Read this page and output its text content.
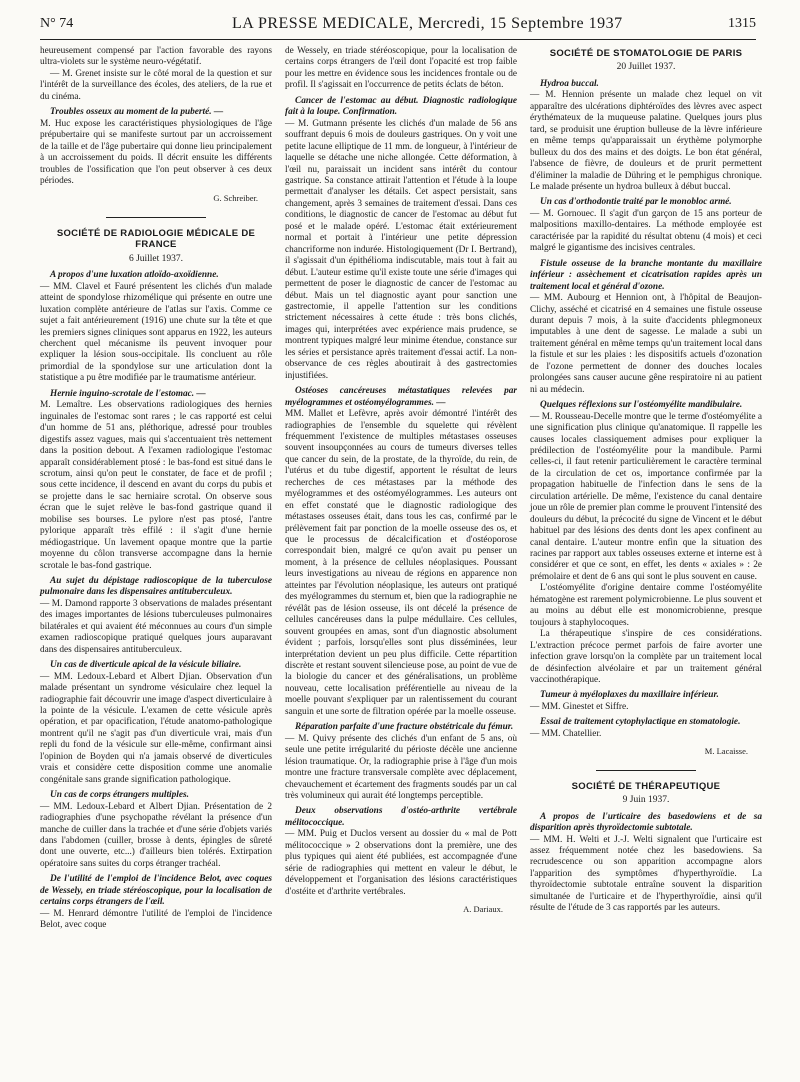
N° 74	LA PRESSE MEDICALE, Mercredi, 15 Septembre 1937	1315

heureusement compensé par l'action favorable des rayons ultra-violets sur le système neuro-végétatif.

— M. Grenet insiste sur le côté moral de la question et sur l'intérêt de la surveillance des écoles, des ateliers, de la rue et du cinéma.

Troubles osseux au moment de la puberté. —

M. Huc expose les caractéristiques physiologiques de l'âge prépubertaire qui se manifeste surtout par un accroissement de la taille et de l'âge pubertaire qui donne lieu principalement à un accroissement du poids. Il décrit ensuite les différents troubles de l'ossification que l'on peut observer à ces deux périodes.

G. Schreiber.
SOCIÉTÉ DE RADIOLOGIE MÉDICALE DE FRANCE
6 Juillet 1937.

A propos d'une luxation atloïdo-axoïdienne.

— MM. Clavel et Fauré présentent les clichés d'un malade atteint de spondylose rhizomélique qui présente en outre une luxation complète antérieure de l'atlas sur l'axis. Comme ce sujet a fait antérieurement (1916) une chute sur la tête et que les premiers signes cliniques sont apparus en 1922, les auteurs cherchent quel mécanisme ils peuvent invoquer pour expliquer la lésion sous-occipitale. Ils concluent au rôle primordial de la spondylose sur une articulation dont la statistique a pu être modifiée par le traumatisme antérieur.

Hernie inguino-scrotale de l'estomac. —

M. Lemaître. Les observations radiologiques des hernies inguinales de l'estomac sont rares ; le cas rapporté est celui d'un homme de 51 ans, pléthorique, adressé pour troubles digestifs assez vagues, mais qui s'accentuaient très nettement dans la position debout. A l'examen radiologique l'estomac apparaît considérablement ptosé : le bas-fond est situé dans le scrotum, ainsi qu'on peut le constater, de face et de profil ; sous cette incidence, il descend en avant du corps du pubis et se projette dans le sac herniaire scrotal. On observe sous écran que le sujet relève le bas-fond gastrique quand il mobilise ses bourses. Le pylore n'est pas ptosé, l'antre pylorique apparaît très effilé : il s'agit d'une hernie médiogastrique. Un lavement opaque montre que la partie moyenne du côlon transverse accompagne dans la hernie scrotale le bas-fond gastrique.

Au sujet du dépistage radioscopique de la tuberculose pulmonaire dans les dispensaires antituberculeux.

— M. Damond rapporte 3 observations de malades présentant des images importantes de lésions tuberculeuses pulmonaires bilatérales et qui avaient été méconnues au cours d'un simple examen radioscopique pratiqué quelques jours auparavant dans des dispensaires antituberculeux.

Un cas de diverticule apical de la vésicule biliaire.

— MM. Ledoux-Lebard et Albert Djian. Observation d'un malade présentant un syndrome vésiculaire chez lequel la radiographie fait découvrir une image d'aspect diverticulaire à la pointe de la vésicule. L'examen de cette vésicule après opération, et par opacification, l'étude anatomo-pathologique montrent qu'il ne s'agit pas d'un diverticule vrai, mais d'un repli du fond de la vésicule sur elle-même, confirmant ainsi l'opinion de Boyden qui n'a jamais observé de diverticules vrais et considère cette disposition comme une anomalie congénitale sans grande signification pathologique.

Un cas de corps étrangers multiples.

— MM. Ledoux-Lebard et Albert Djian. Présentation de 2 radiographies d'une psychopathe révélant la présence d'un manche de cuiller dans la trachée et d'une série d'objets variés dans l'abdomen (cuiller, brosse à dents, épingles de sûreté dont une ouverte, etc...) d'ailleurs bien tolérés. Extirpation opératoire sans suites du corps étranger trachéal.

De l'utilité de l'emploi de l'incidence Belot, avec coques de Wessely, en triade stéréoscopique, pour la localisation de certains corps étrangers de l'œil.

— M. Henrard démontre l'utilité de l'emploi de l'incidence Belot, avec coque

de Wessely, en triade stéréoscopique, pour la localisation de certains corps étrangers de l'œil dont l'opacité est trop faible pour les mettre en évidence sous les incidences frontale ou de profil. Il s'agissait en l'occurrence de petits éclats de béton.

Cancer de l'estomac au début. Diagnostic radiologique fait à la loupe. Confirmation.

— M. Gutmann présente les clichés d'un malade de 56 ans souffrant depuis 6 mois de douleurs gastriques. On y voit une petite lacune elliptique de 11 mm. de longueur, à l'intérieur de laquelle se détache une niche allongée. Cette déformation, à l'œil nu, paraissait un incident sans intérêt du contour gastrique. Sa constance attirait l'attention et l'étude à la loupe permettait d'analyser les détails. Cet aspect persistait, sans changement, après 3 semaines de traitement d'essai. Dans ces conditions, le diagnostic de cancer de l'estomac au début fut posé et le malade opéré. L'estomac était extérieurement normal et portait à l'intérieur une petite dépression chancriforme non indurée. Histologiquement (Dr I. Bertrand), il s'agissait d'un épithélioma indiscutable, mais tout à fait au début. L'auteur estime qu'il existe toute une série d'images qui permettent de poser le diagnostic de cancer de l'estomac au début. Mais un tel diagnostic ayant pour sanction une gastrectomie, il appelle l'attention sur les conditions strictement nécessaires à cette étude : très bons clichés, images qui, interprétées avec expérience mais prudence, se montrent typiques malgré leur minime étendue, constance sur les séries et persistance après traitement d'essai actif. La non-observance de ces règles aboutirait à des gastrectomies injustifiées.

Ostéoses cancéreuses métastatiques relevées par myélogrammes et ostéomyélogrammes. —

MM. Mallet et Lefèvre, après avoir démontré l'intérêt des radiographies de l'ensemble du squelette qui révèlent fréquemment l'existence de multiples métastases osseuses souvent insoupçonnées au cours de tumeurs diverses telles que cancer du sein, de la prostate, de la thyroïde, du rein, de l'utérus et du tube digestif, apportent le résultat de leurs recherches de ces métastases par la méthode des myélogrammes et des ostéomyélogrammes. Les auteurs ont en effet constaté que le diagnostic radiologique des métastases osseuses était, dans tous les cas, confirmé par le prélèvement fait par ponction de la moelle osseuse des os, et que le processus de décalcification et d'ostéoporose correspondait bien, malgré ce qu'on avait pu penser un moment, à la présence de cellules néoplasiques. Poussant leurs investigations au niveau de régions en apparence non atteintes par l'évolution néoplasique, les auteurs ont pratiqué des myélogrammes du sternum et, bien que la radiographie ne révélât pas de lésion osseuse, ils ont décelé la présence de cellules cancéreuses dans la pulpe médullaire. Ces cellules, souvent groupées en amas, sont d'un diagnostic absolument évident ; parfois, lorsqu'elles sont plus disséminées, leur interprétation devient un peu plus difficile. Cette répartition discrète et restant souvent silencieuse pose, au point de vue de la biologie du cancer et des généralisations, un problème nouveau, cette localisation préférentielle au niveau de la moelle pouvant s'expliquer par un ralentissement du courant sanguin et une sorte de filtration opérée par la moelle osseuse.

Réparation parfaite d'une fracture obstétricale du fémur.

— M. Quivy présente des clichés d'un enfant de 5 ans, où seule une petite irrégularité du périoste décèle une ancienne lésion traumatique. Or, la radiographie prise à l'âge d'un mois montre une fracture transversale complète avec déplacement, chevauchement et écartement des fragments soudés par un cal très volumineux qui aurait été longtemps perceptible.

Deux observations d'ostéo-arthrite vertébrale mélitococcique.

— MM. Puig et Duclos versent au dossier du « mal de Pott mélitococcique » 2 observations dont la première, une des plus typiques qui aient été publiées, est accompagnée d'une série de radiographies qui mettent en valeur le début, le développement et l'organisation des lésions caractéristiques d'ostéite et d'arthrite vertébrales.

A. Dariaux.
SOCIÉTÉ DE STOMATOLOGIE DE PARIS
20 Juillet 1937.

Hydroa buccal.

— M. Hennion présente un malade chez lequel on vit apparaître des ulcérations diphtéroïdes des lèvres avec aspect érythémateux de la muqueuse palatine. Quelques jours plus tard, se produisit une éruption bulleuse de la lèvre inférieure en même temps qu'apparaissait un érythème polymorphe bulleux du dos des mains et des doigts. Le bon état général, l'absence de fièvre, de douleurs et de prurit permettent d'éliminer la maladie de Dühring et le pemphigus chronique. Le malade présente un hydroa bulleux à début buccal.

Un cas d'orthodontie traité par le monobloc armé.

— M. Gornouec. Il s'agit d'un garçon de 15 ans porteur de malpositions maxillo-dentaires. La méthode employée est caractérisée par la rapidité du résultat obtenu (4 mois) et ceci malgré le gigantisme des incisives centrales.

Fistule osseuse de la branche montante du maxillaire inférieur : assèchement et cicatrisation rapides après un traitement local et général d'ozone.

— MM. Aubourg et Hennion ont, à l'hôpital de Beaujon-Clichy, asséché et cicatrisé en 4 semaines une fistule osseuse durant depuis 7 mois, à la suite d'accidents phlegmoneux imputables à une dent de sagesse. Le malade a subi un traitement général en même temps qu'un traitement local dans la fistule et sur les plaies : les dispositifs actuels d'ozonation de l'ozone permettent de donner des douches locales prolongées sans causer aucune gêne respiratoire ni au patient ni au médecin.

Quelques réflexions sur l'ostéomyélite mandibulaire.

— M. Rousseau-Decelle montre que le terme d'ostéomyélite a une signification plus clinique qu'anatomique. Il rappelle les causes locales classiquement admises pour expliquer la prédilection de l'ostéomyélite pour la mandibule. Parmi celles-ci, il faut retenir particulièrement le caractère terminal de la circulation de cet os, importance confirmée par la propagation habituelle de l'infection dans le sens de la circulation artérielle. De même, l'existence du canal dentaire joue un rôle de premier plan comme le prouvent l'intensité des douleurs du début, la précocité du signe de Vincent et le début habituel par des lésions des dents dont les apex confinent au canal dentaire. L'auteur montre enfin que la situation des racines par rapport aux tables osseuses externe et interne est à considérer et que ce sont, en effet, les dents « axiales » : 2e prémolaire et dent de 6 ans qui sont le plus souvent en cause.

L'ostéomyélite d'origine dentaire comme l'ostéomyélite hématogène est rarement polymicrobienne. Le plus souvent et au moins au début elle est monomicrobienne, presque toujours à staphylocoques.

La thérapeutique s'inspire de ces considérations. L'extraction précoce permet parfois de faire avorter une infection grave lorsqu'on la complète par un traitement local de désinfection alvéolaire et par un traitement général vaccinothérapique.

Tumeur à myéloplaxes du maxillaire inférieur.

— MM. Ginestet et Siffre.

Essai de traitement cytophylactique en stomatologie.

— MM. Chatellier.

M. Lacaisse.
SOCIÉTÉ DE THÉRAPEUTIQUE
9 Juin 1937.

A propos de l'urticaire des basedowiens et de sa disparition après thyroïdectomie subtotale.

— MM. H. Welti et J.-J. Welti signalent que l'urticaire est assez fréquemment notée chez les basedowiens. Sa recrudescence ou son apparition accompagne alors l'apparition des symptômes d'hyperthyroïdie. La thyroïdectomie subtotale entraîne souvent la disparition simultanée de l'urticaire et de l'hyperthyroïdie, ainsi qu'il résulte de l'étude de 3 cas rapportés par les auteurs.
